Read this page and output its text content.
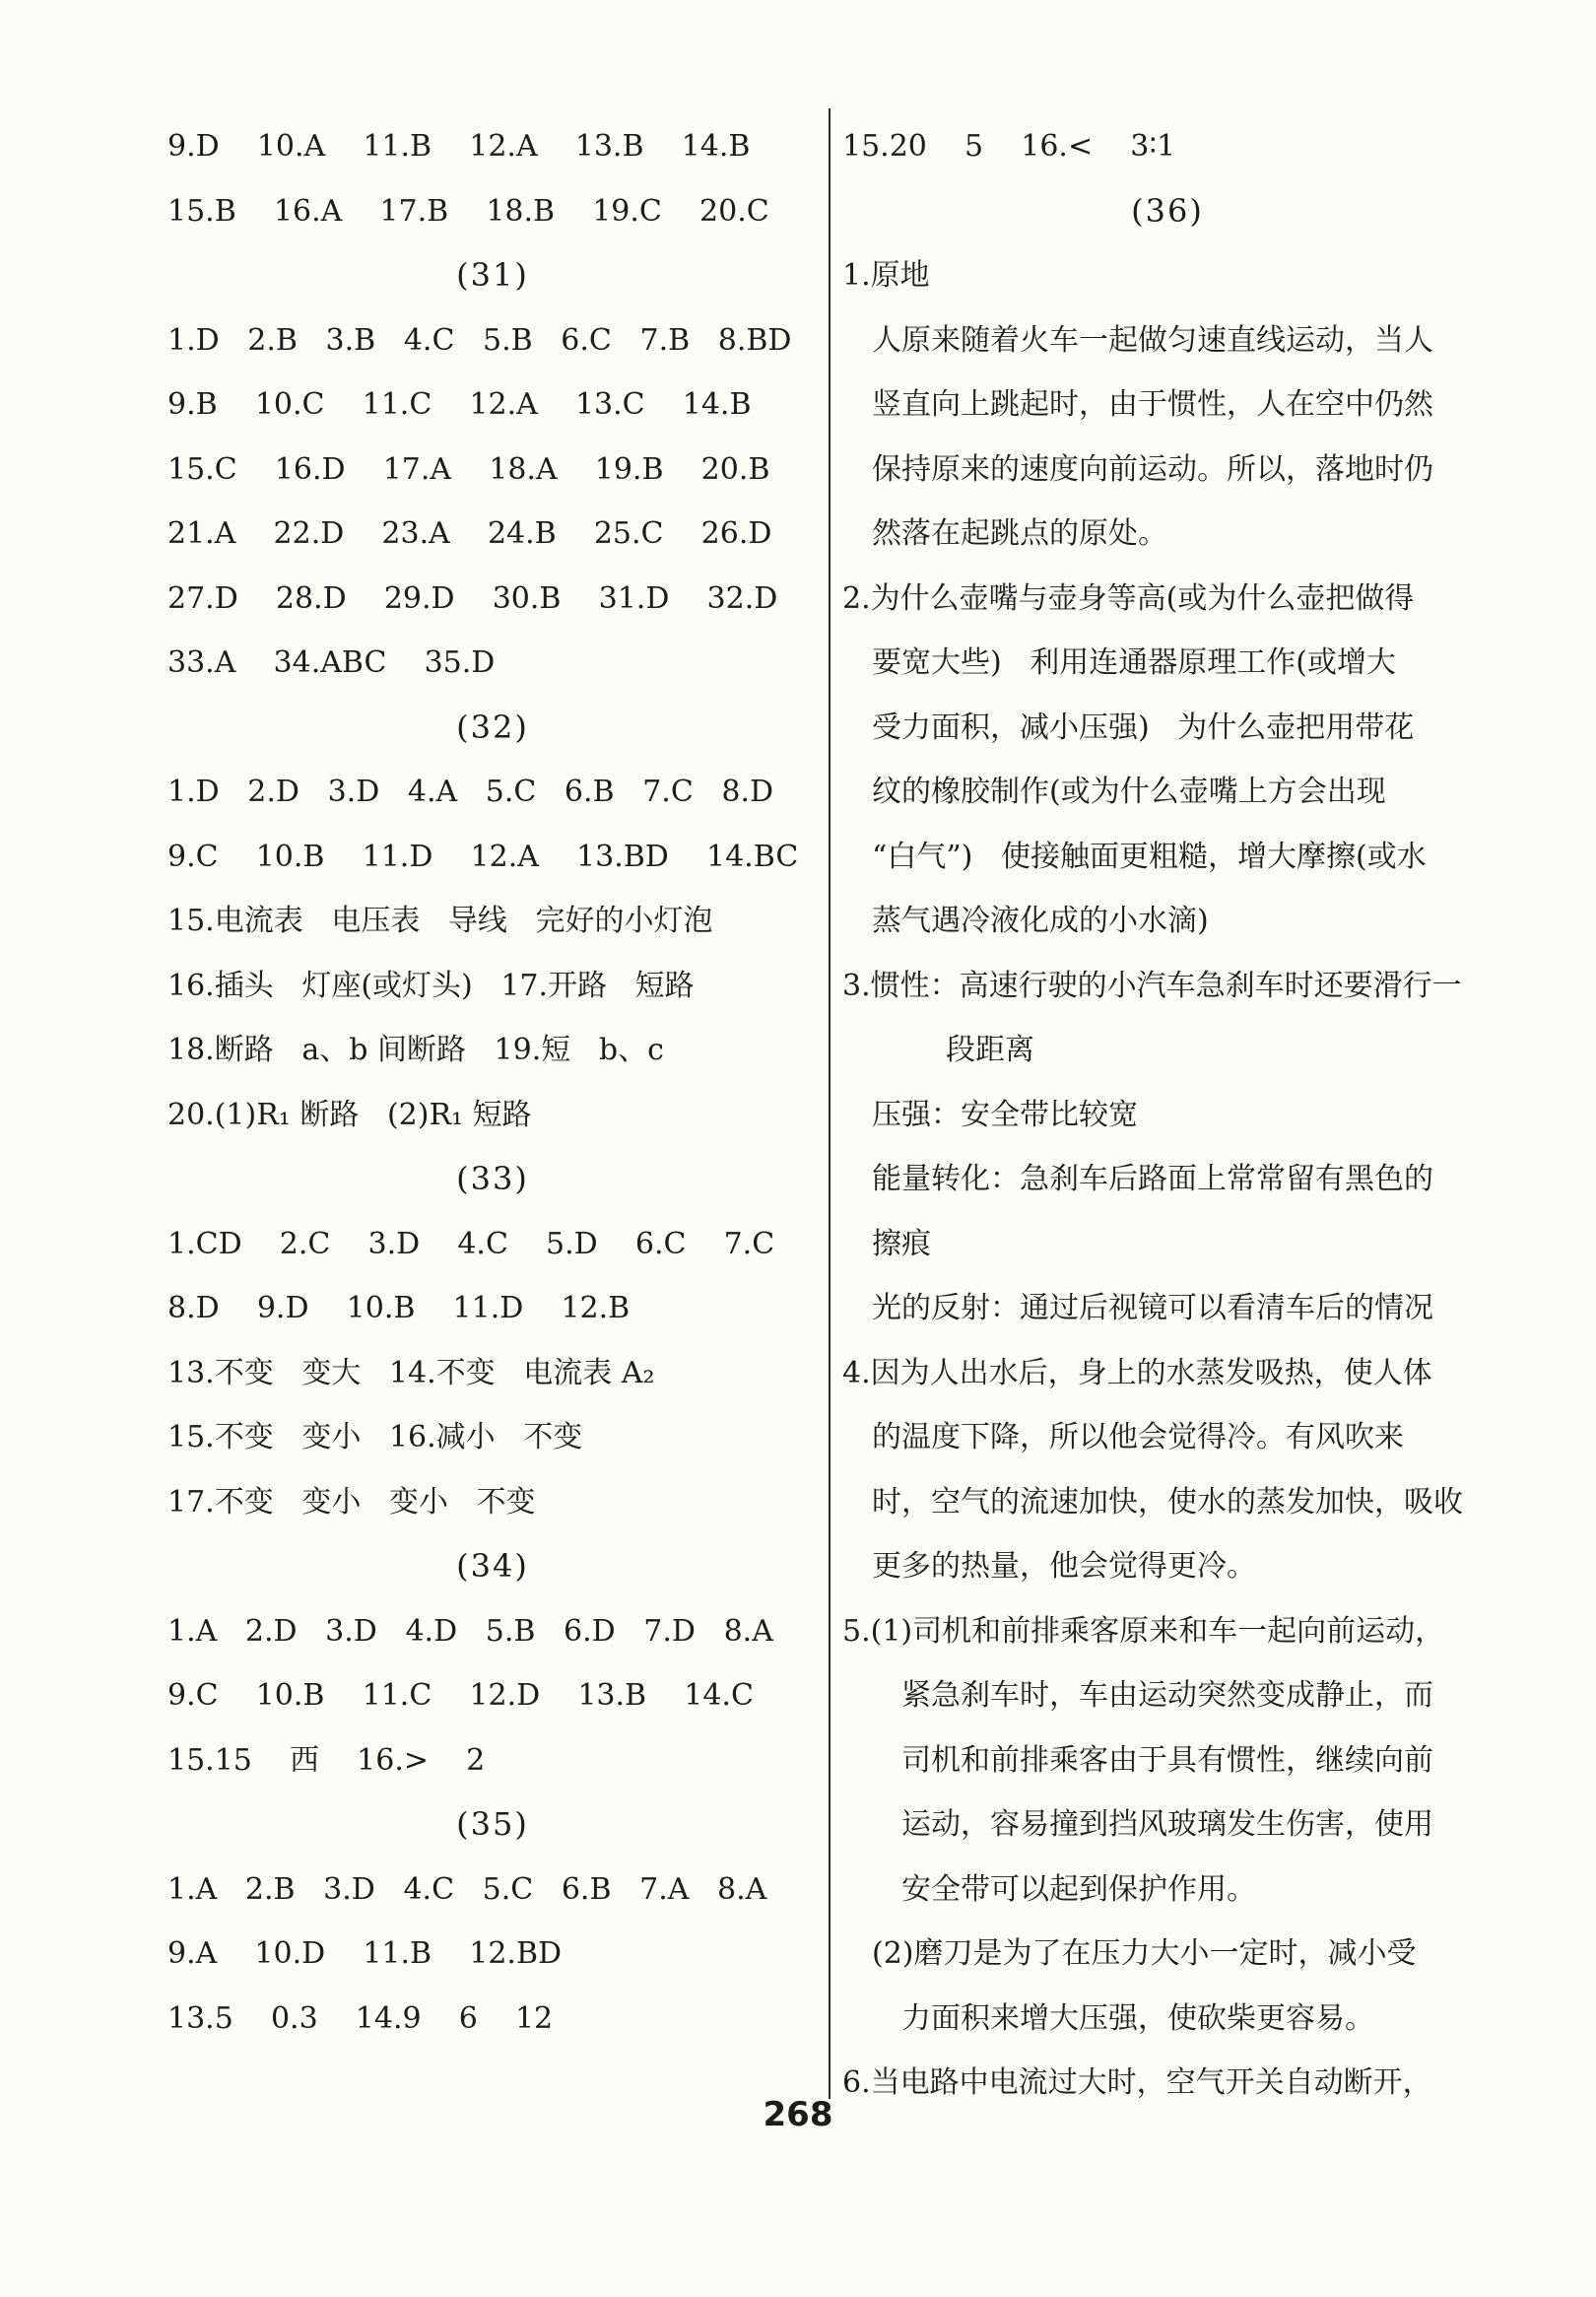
9.D    10.A    11.B    12.A    13.B    14.B
15.B    16.A    17.B    18.B    19.C    20.C
(31)
1.D   2.B   3.B   4.C   5.B   6.C   7.B   8.BD
9.B    10.C    11.C    12.A    13.C    14.B
15.C    16.D    17.A    18.A    19.B    20.B
21.A    22.D    23.A    24.B    25.C    26.D
27.D    28.D    29.D    30.B    31.D    32.D
33.A    34.ABC    35.D
(32)
1.D   2.D   3.D   4.A   5.C   6.B   7.C   8.D
9.C    10.B    11.D    12.A    13.BD    14.BC
15.电流表   电压表   导线   完好的小灯泡
16.插头   灯座(或灯头)   17.开路   短路
18.断路   a、b 间断路   19.短   b、c
20.(1)R₁ 断路   (2)R₁ 短路
(33)
1.CD    2.C    3.D    4.C    5.D    6.C    7.C
8.D    9.D    10.B    11.D    12.B
13.不变   变大   14.不变   电流表 A₂
15.不变   变小   16.减小   不变
17.不变   变小   变小   不变
(34)
1.A   2.D   3.D   4.D   5.B   6.D   7.D   8.A
9.C    10.B    11.C    12.D    13.B    14.C
15.15    西    16.>    2
(35)
1.A   2.B   3.D   4.C   5.C   6.B   7.A   8.A
9.A    10.D    11.B    12.BD
13.5    0.3    14.9    6    12
15.20    5    16.<    3∶1
(36)
1.原地
人原来随着火车一起做匀速直线运动，当人
竖直向上跳起时，由于惯性，人在空中仍然
保持原来的速度向前运动。所以，落地时仍
然落在起跳点的原处。
2.为什么壶嘴与壶身等高(或为什么壶把做得
要宽大些)   利用连通器原理工作(或增大
受力面积，减小压强)   为什么壶把用带花
纹的橡胶制作(或为什么壶嘴上方会出现
“白气”)   使接触面更粗糙，增大摩擦(或水
蒸气遇冷液化成的小水滴)
3.惯性：高速行驶的小汽车急刹车时还要滑行一
段距离
压强：安全带比较宽
能量转化：急刹车后路面上常常留有黑色的
擦痕
光的反射：通过后视镜可以看清车后的情况
4.因为人出水后，身上的水蒸发吸热，使人体
的温度下降，所以他会觉得冷。有风吹来
时，空气的流速加快，使水的蒸发加快，吸收
更多的热量，他会觉得更冷。
5.(1)司机和前排乘客原来和车一起向前运动，
紧急刹车时，车由运动突然变成静止，而
司机和前排乘客由于具有惯性，继续向前
运动，容易撞到挡风玻璃发生伤害，使用
安全带可以起到保护作用。
(2)磨刀是为了在压力大小一定时，减小受
力面积来增大压强，使砍柴更容易。
6.当电路中电流过大时，空气开关自动断开，
268
